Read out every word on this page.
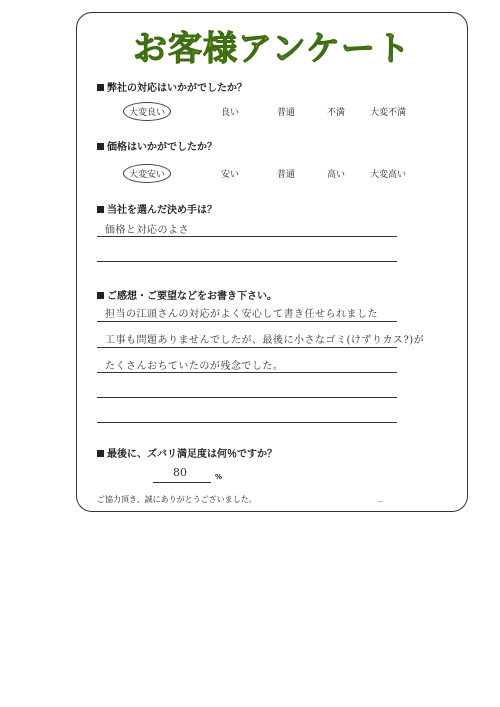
お客様アンケート
弊社の対応はいかがでしたか？
大変良い	良い	普通	不満	大変不満
価格はいかがでしたか？
大変安い	安い	普通	高い	大変高い
当社を選んだ決め手は？
価格と対応のよさ
ご感想・ご要望などをお書き下さい。
担当の江頭さんの対応がよく安心して書き任せられました
工事も問題ありませんでしたが、最後に小さなゴミ(けずりカス?)が
たくさんおちていたのが残念でした。
最後に、ズバリ満足度は何％ですか？
80	%
ご協力頂き、誠にありがとうございました。	－
